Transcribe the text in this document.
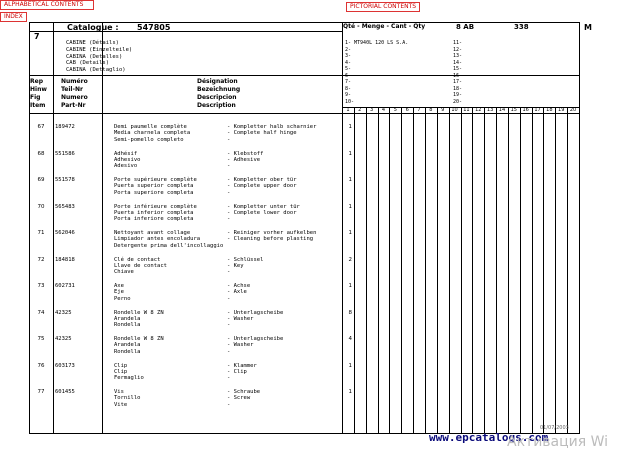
ALPHABETICAL CONTENTS
INDEX
PICTORIAL CONTENTS
7
Catalogue : 547805
CABINE (Détails)
CABINE (Einzelteile)
CABINA (Detalles)
CAB (Details)
CABINA (Dettaglio)
Rep
Hinw
Fig
Item
Numéro
Teil-Nr
Numero
Part-Nr
Désignation
Bezeichnung
Descripcion
Description
Qté - Menge - Cant - Qty	8 AB	338	M
1- MT940L 120 LS S.A.
2-
3-
4-
5-
6-
7-
8-
9-
10-
11-
12-
13-
14-
15-
16-
17-
18-
19-
20-
1	2	3	4	5	6	7	8	9	10	11	12	13	14	15	16	17	18	19	20
67	189472	1
Demi paumelle complète
Media charnela completa
Semi-pomello completo
- Kompletter halb scharnier
- Complete half hinge
-
68	551586	1
Adhésif
Adhesivo
Adesivo
- Klebstoff
- Adhesive
-
69	551578	1
Porte supérieure complète
Puerta superior completa
Porta superiore completa
- Kompletter ober tür
- Complete upper door
-
70	565483	1
Porte inférieure complète
Puerta inferior completa
Porta inferiore completa
- Kompletter unter tür
- Complete lower door
-
71	562046	1
Nettoyant avant collage
Limpiador antes encoladura
Detergente prima dell'incollaggio
- Reiniger vorher aufkelben
- Cleaning before plasting
72	184818	2
Clé de contact
Llave de contact
Chiave
- Schlüssel
- Key
-
73	602731	1
Axe
Eje
Perno
- Achse
- Axle
-
74	42325	8
Rondelle W 8 ZN
Arandela
Rondella
- Unterlagscheibe
- Washer
-
75	42325	4
Rondelle W 8 ZN
Arandela
Rondella
- Unterlagscheibe
- Washer
-
76	603173	1
Clip
Clip
Fermaglio
- Klammer
- Clip
-
77	601455	1
Vis
Tornillo
Vite
- Schraube
- Screw
-
01/07/2003
www.epcatalogs.com
Активация Wi
